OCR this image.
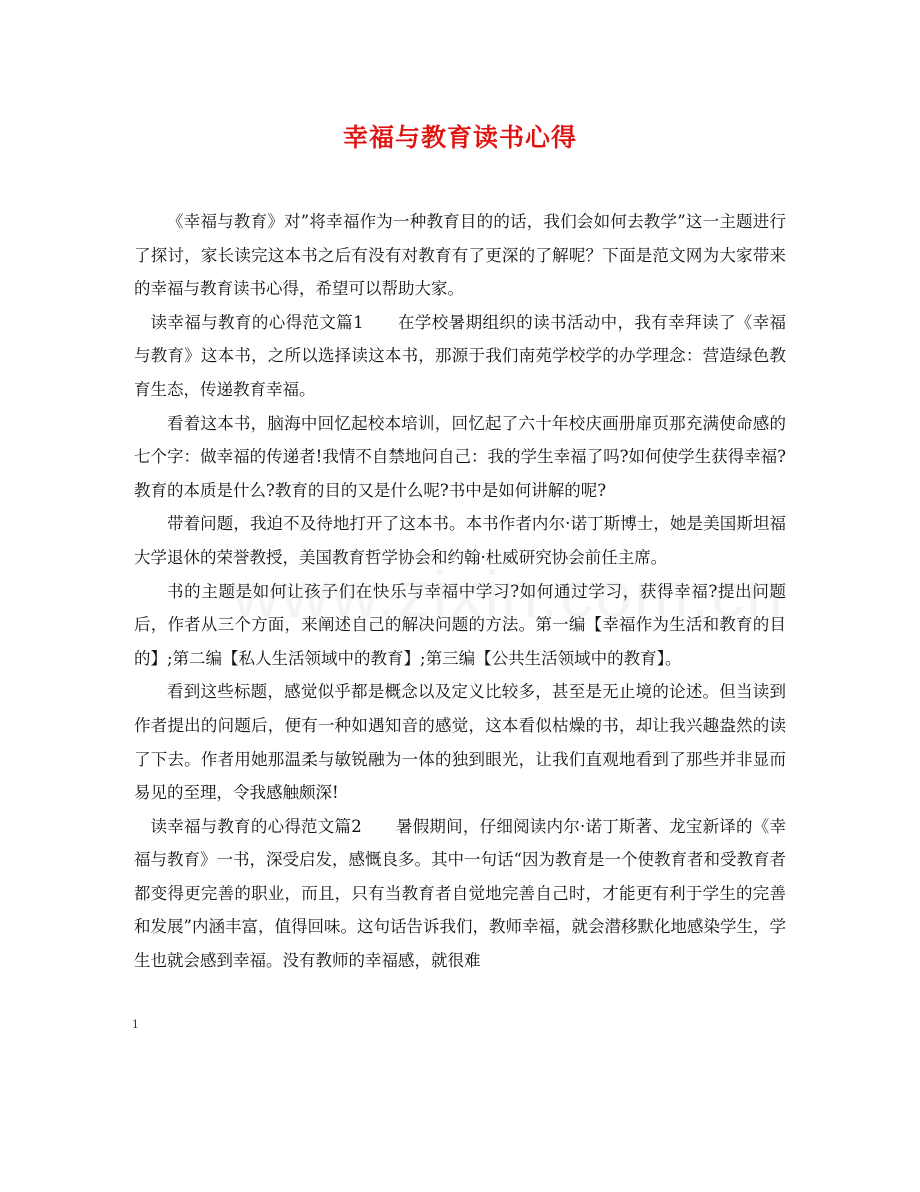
幸福与教育读书心得

《幸福与教育》对”将幸福作为一种教育目的的话，我们会如何去教学”这一主题进行了探讨，家长读完这本书之后有没有对教育有了更深的了解呢？下面是范文网为大家带来的幸福与教育读书心得，希望可以帮助大家。

读幸福与教育的心得范文篇1 在学校暑期组织的读书活动中，我有幸拜读了《幸福与教育》这本书，之所以选择读这本书，那源于我们南苑学校学的办学理念：营造绿色教育生态，传递教育幸福。

看着这本书，脑海中回忆起校本培训，回忆起了六十年校庆画册扉页那充满使命感的七个字：做幸福的传递者!我情不自禁地问自己：我的学生幸福了吗?如何使学生获得幸福?教育的本质是什么?教育的目的又是什么呢?书中是如何讲解的呢?

带着问题，我迫不及待地打开了这本书。本书作者内尔·诺丁斯博士，她是美国斯坦福大学退休的荣誉教授，美国教育哲学协会和约翰·杜威研究协会前任主席。

书的主题是如何让孩子们在快乐与幸福中学习?如何通过学习，获得幸福?提出问题后，作者从三个方面，来阐述自己的解决问题的方法。第一编【幸福作为生活和教育的目的】;第二编【私人生活领域中的教育】;第三编【公共生活领域中的教育】。

看到这些标题，感觉似乎都是概念以及定义比较多，甚至是无止境的论述。但当读到作者提出的问题后，便有一种如遇知音的感觉，这本看似枯燥的书，却让我兴趣盎然的读了下去。作者用她那温柔与敏锐融为一体的独到眼光，让我们直观地看到了那些并非显而易见的至理，令我感触颇深!

读幸福与教育的心得范文篇2 暑假期间，仔细阅读内尔·诺丁斯著、龙宝新译的《幸福与教育》一书，深受启发，感慨良多。其中一句话“因为教育是一个使教育者和受教育者都变得更完善的职业，而且，只有当教育者自觉地完善自己时，才能更有利于学生的完善和发展”内涵丰富，值得回味。这句话告诉我们，教师幸福，就会潜移默化地感染学生，学生也就会感到幸福。没有教师的幸福感，就很难

1
